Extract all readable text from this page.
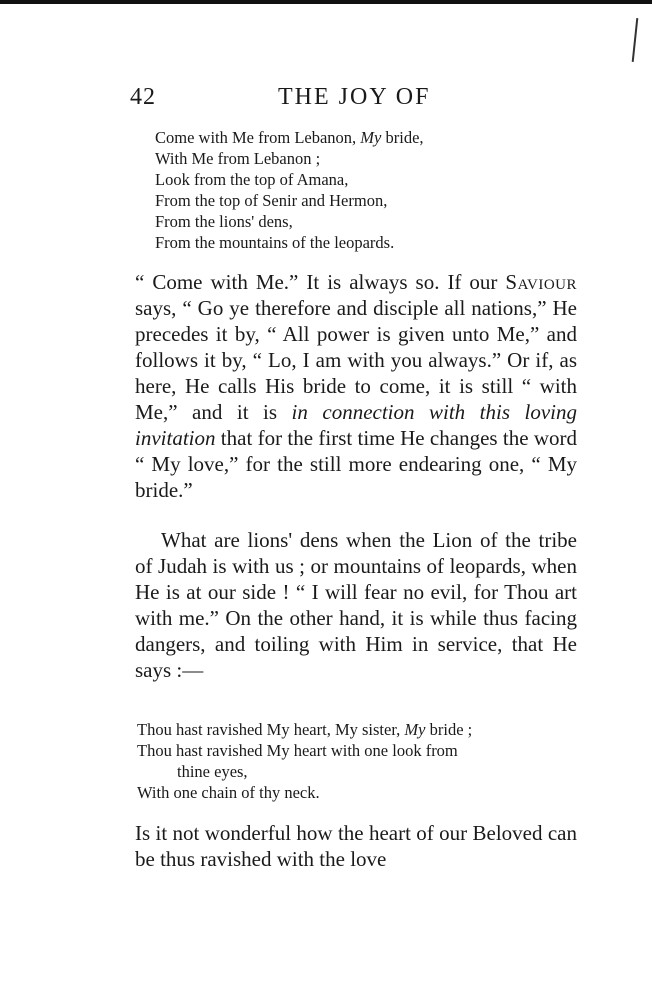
42	THE JOY OF
Come with Me from Lebanon, My bride,
With Me from Lebanon ;
Look from the top of Amana,
From the top of Senir and Hermon,
From the lions' dens,
From the mountains of the leopards.

“ Come with Me.” It is always so. If our Saviour says, “ Go ye therefore and disciple all nations,” He precedes it by, “ All power is given unto Me,” and follows it by, “ Lo, I am with you always.” Or if, as here, He calls His bride to come, it is still “ with Me,” and it is in connection with this loving invitation that for the first time He changes the word “ My love,” for the still more endearing one, “ My bride.”

What are lions' dens when the Lion of the tribe of Judah is with us ; or mountains of leopards, when He is at our side ! “ I will fear no evil, for Thou art with me.” On the other hand, it is while thus facing dangers, and toiling with Him in service, that He says :—

Thou hast ravished My heart, My sister, My bride ;
Thou hast ravished My heart with one look from
thine eyes,
With one chain of thy neck.

Is it not wonderful how the heart of our Beloved can be thus ravished with the love
